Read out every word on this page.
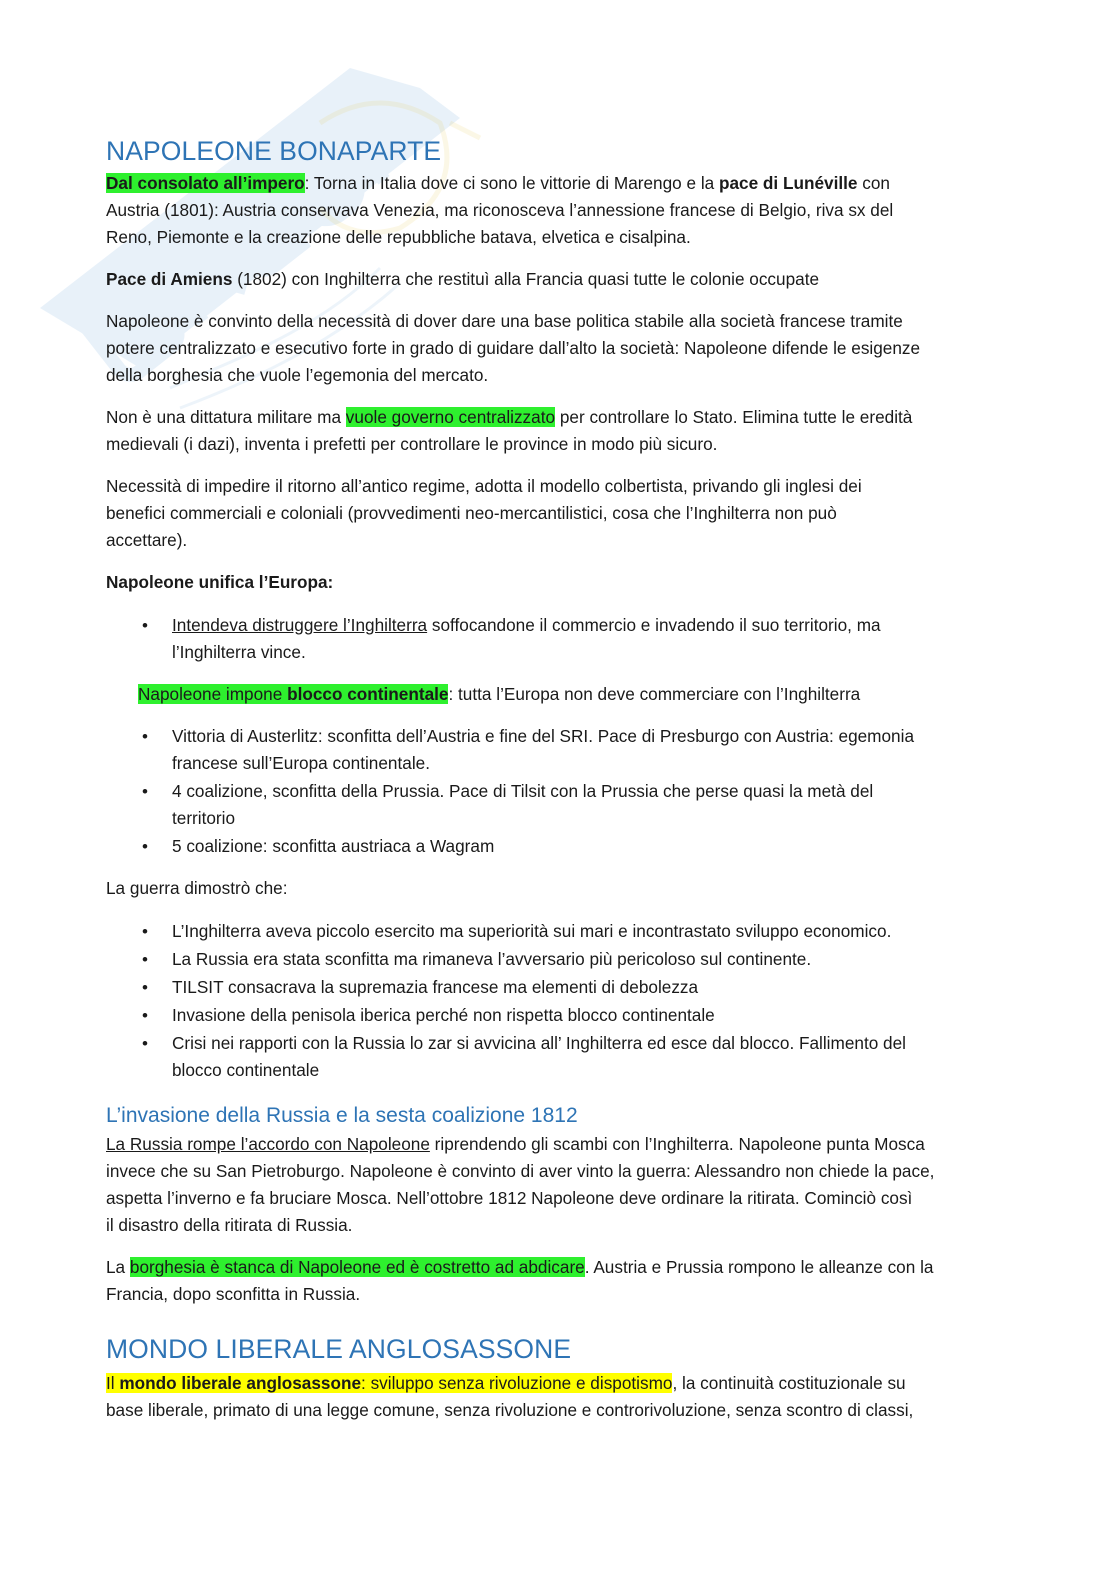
NAPOLEONE BONAPARTE
Dal consolato all’impero: Torna in Italia dove ci sono le vittorie di Marengo e la pace di Lunéville con
Austria (1801): Austria conservava Venezia, ma riconosceva l’annessione francese di Belgio, riva sx del
Reno, Piemonte e la creazione delle repubbliche batava, elvetica e cisalpina.
Pace di Amiens (1802) con Inghilterra che restituì alla Francia quasi tutte le colonie occupate
Napoleone è convinto della necessità di dover dare una base politica stabile alla società francese tramite
potere centralizzato e esecutivo forte in grado di guidare dall’alto la società: Napoleone difende le esigenze
della borghesia che vuole l’egemonia del mercato.
Non è una dittatura militare ma vuole governo centralizzato per controllare lo Stato. Elimina tutte le eredità
medievali (i dazi), inventa i prefetti per controllare le province in modo più sicuro.
Necessità di impedire il ritorno all’antico regime, adotta il modello colbertista, privando gli inglesi dei
benefici commerciali e coloniali (provvedimenti neo-mercantilistici, cosa che l’Inghilterra non può
accettare).
Napoleone unifica l’Europa:
• Intendeva distruggere l’Inghilterra soffocandone il commercio e invadendo il suo territorio, ma
l’Inghilterra vince.
Napoleone impone blocco continentale: tutta l’Europa non deve commerciare con l’Inghilterra
• Vittoria di Austerlitz: sconfitta dell’Austria e fine del SRI. Pace di Presburgo con Austria: egemonia
francese sull’Europa continentale.
• 4 coalizione, sconfitta della Prussia. Pace di Tilsit con la Prussia che perse quasi la metà del
territorio
• 5 coalizione: sconfitta austriaca a Wagram
La guerra dimostrò che:
• L’Inghilterra aveva piccolo esercito ma superiorità sui mari e incontrastato sviluppo economico.
• La Russia era stata sconfitta ma rimaneva l’avversario più pericoloso sul continente.
• TILSIT consacrava la supremazia francese ma elementi di debolezza
• Invasione della penisola iberica perché non rispetta blocco continentale
• Crisi nei rapporti con la Russia lo zar si avvicina all’ Inghilterra ed esce dal blocco. Fallimento del
blocco continentale
L’invasione della Russia e la sesta coalizione 1812
La Russia rompe l’accordo con Napoleone riprendendo gli scambi con l’Inghilterra. Napoleone punta Mosca
invece che su San Pietroburgo. Napoleone è convinto di aver vinto la guerra: Alessandro non chiede la pace,
aspetta l’inverno e fa bruciare Mosca. Nell’ottobre 1812 Napoleone deve ordinare la ritirata. Cominciò così
il disastro della ritirata di Russia.
La borghesia è stanca di Napoleone ed è costretto ad abdicare. Austria e Prussia rompono le alleanze con la
Francia, dopo sconfitta in Russia.
MONDO LIBERALE ANGLOSASSONE
Il mondo liberale anglosassone: sviluppo senza rivoluzione e dispotismo, la continuità costituzionale su
base liberale, primato di una legge comune, senza rivoluzione e controrivoluzione, senza scontro di classi,
